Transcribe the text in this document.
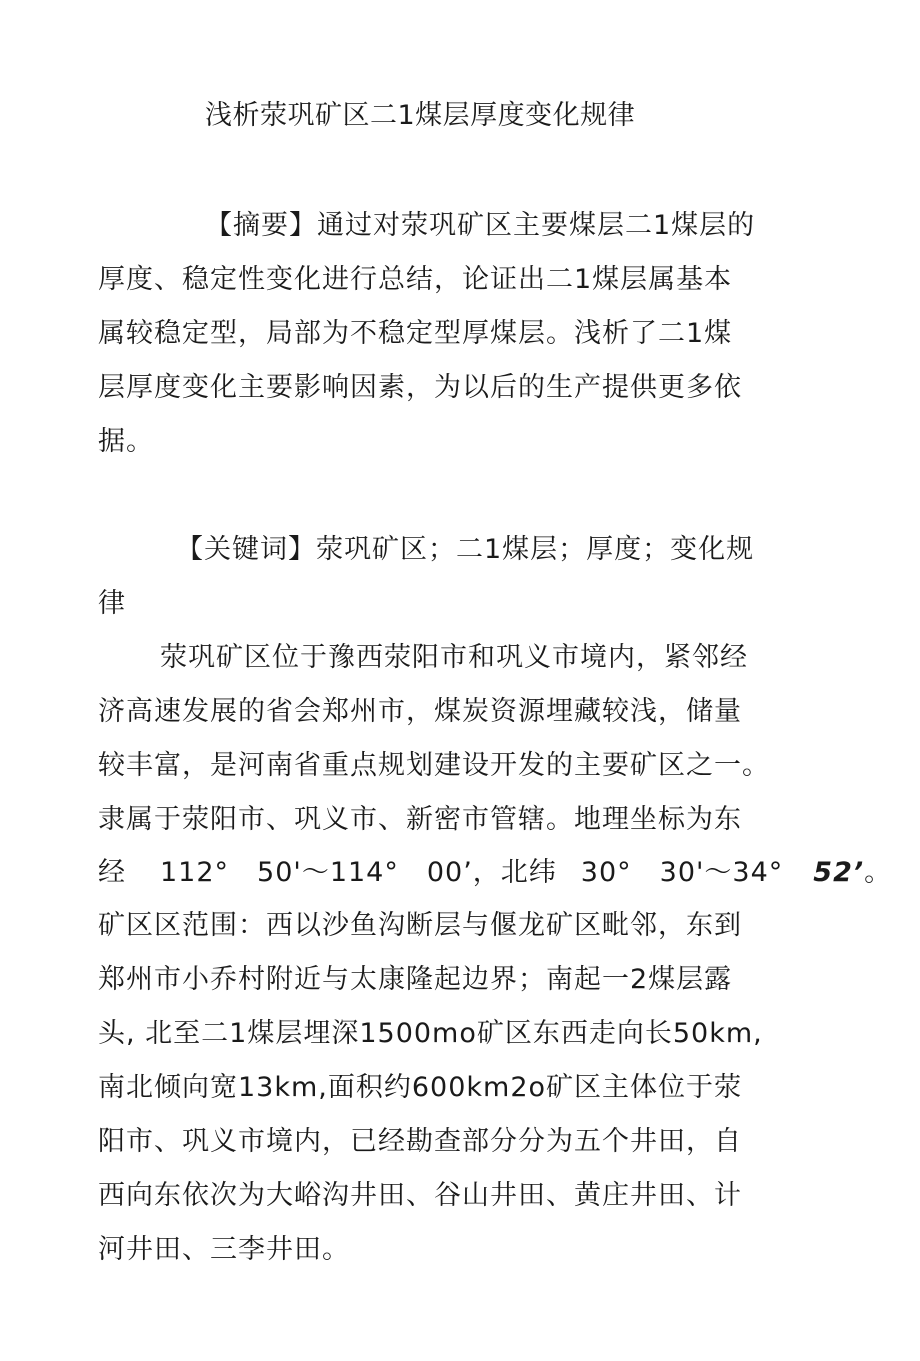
浅析荥巩矿区二1煤层厚度变化规律
【摘要】通过对荥巩矿区主要煤层二1煤层的
厚度、稳定性变化进行总结，论证出二1煤层属基本
属较稳定型，局部为不稳定型厚煤层。浅析了二1煤
层厚度变化主要影响因素，为以后的生产提供更多依
据。
【关键词】荥巩矿区；二1煤层；厚度；变化规
律
荥巩矿区位于豫西荥阳市和巩义市境内，紧邻经
济高速发展的省会郑州市，煤炭资源埋藏较浅，储量
较丰富，是河南省重点规划建设开发的主要矿区之一。
隶属于荥阳市、巩义市、新密市管辖。地理坐标为东
经 112°　50'～114°　00’，北纬 30°　30'～34° 52’。
矿区区范围：西以沙鱼沟断层与偃龙矿区毗邻，东到
郑州市小乔村附近与太康隆起边界；南起一2煤层露
头, 北至二1煤层埋深1500mo矿区东西走向长50km,
南北倾向宽13km,面积约600km2o矿区主体位于荥
阳市、巩义市境内，已经勘查部分分为五个井田，自
西向东依次为大峪沟井田、谷山井田、黄庄井田、计
河井田、三李井田。
